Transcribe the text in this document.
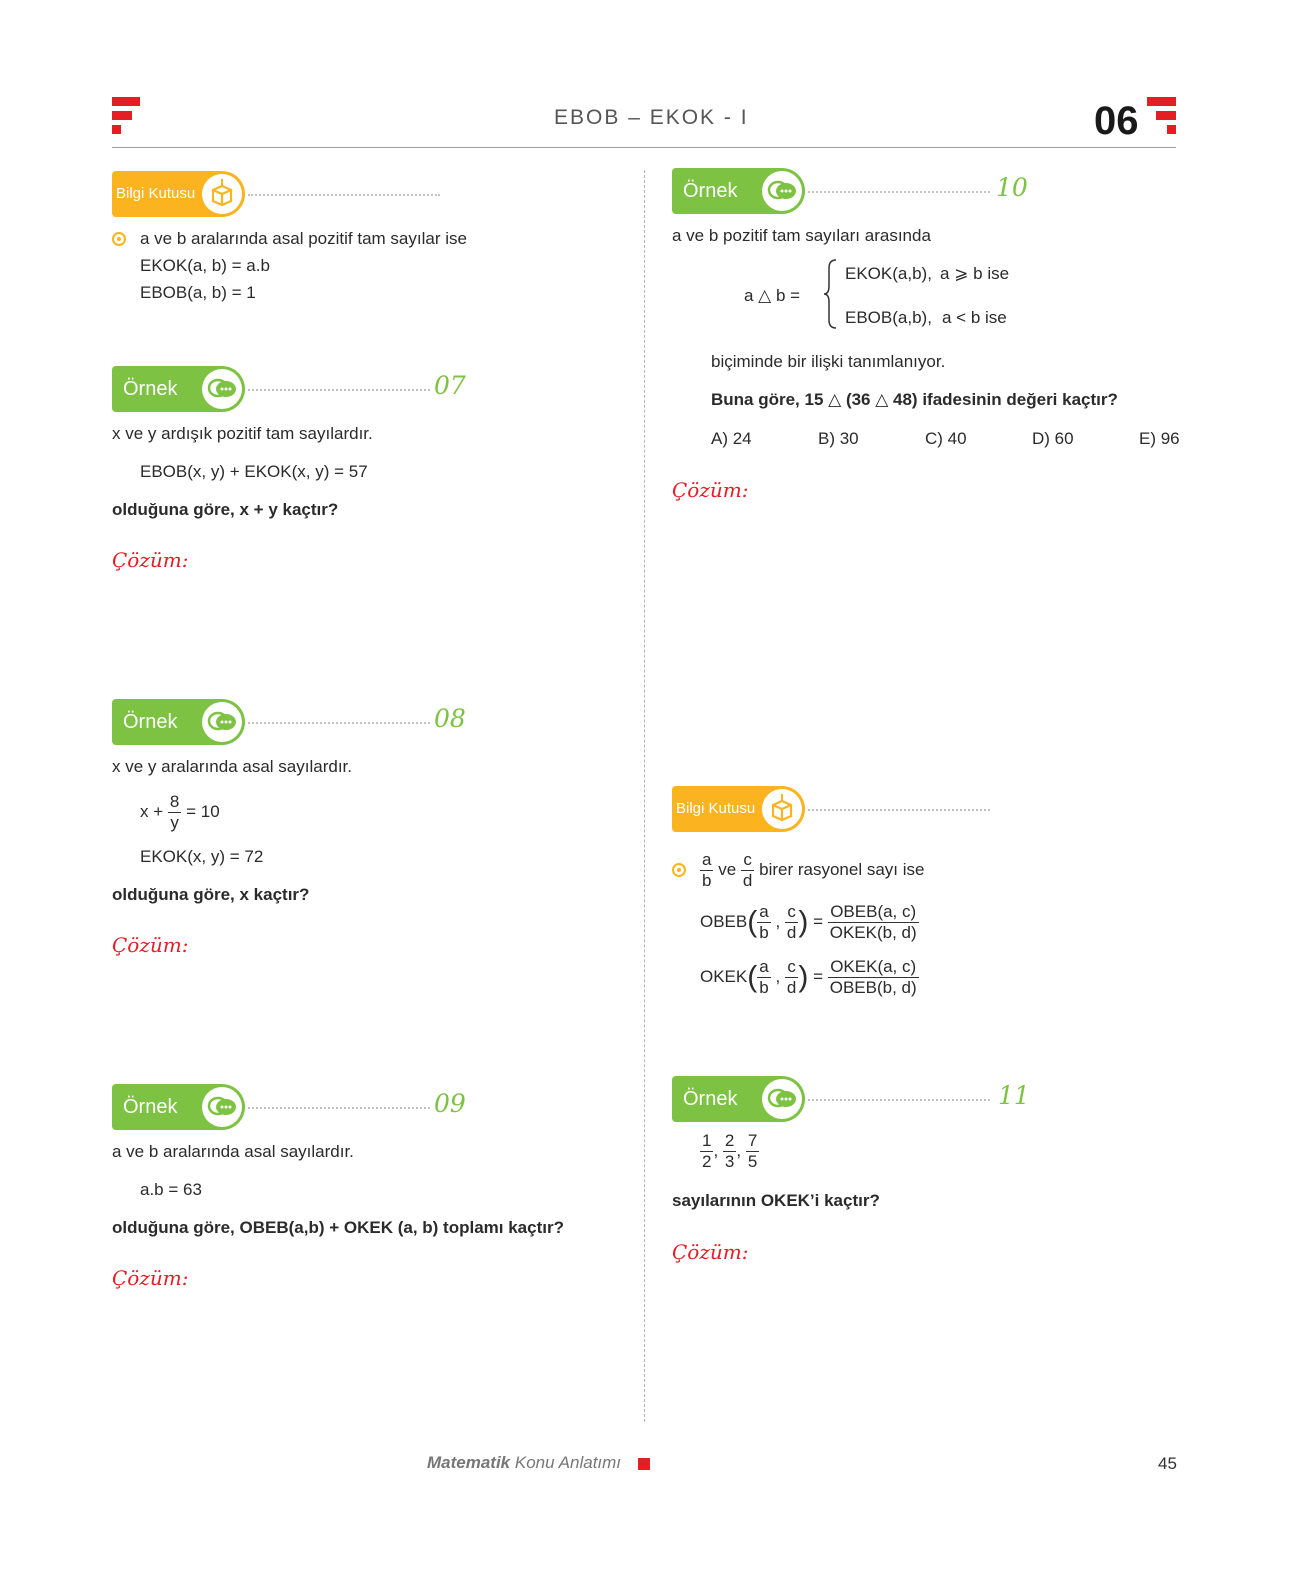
EBOB – EKOK - I	06
Bilgi Kutusu
a ve b aralarında asal pozitif tam sayılar ise
EKOK(a, b) = a.b
EBOB(a, b) = 1
Örnek	07
x ve y ardışık pozitif tam sayılardır.
EBOB(x, y) + EKOK(x, y) = 57
olduğuna göre, x + y kaçtır?
Çözüm:
Örnek	08
x ve y aralarında asal sayılardır.
$x + \frac{8}{y} = 10$
EKOK(x, y) = 72
olduğuna göre, x kaçtır?
Çözüm:
Örnek	09
a ve b aralarında asal sayılardır.
a.b = 63
olduğuna göre, OBEB(a,b) + OKEK (a, b) toplamı kaçtır?
Çözüm:
Örnek	10
a ve b pozitif tam sayıları arasında
a △ b =
EKOK(a,b), a ⩾ b ise
EBOB(a,b), a < b ise
biçiminde bir ilişki tanımlanıyor.
Buna göre, 15 △ (36 △ 48) ifadesinin değeri kaçtır?
A) 24	B) 30	C) 40	D) 60	E) 96
Çözüm:
Bilgi Kutusu
$\frac{a}{b}$ ve $\frac{c}{d}$ birer rasyonel sayı ise
OBEB( $\frac{a}{b}$ , $\frac{c}{d}$ ) = $\frac{\text{OBEB(a, c)}}{\text{OKEK(b, d)}}$
OKEK( $\frac{a}{b}$ , $\frac{c}{d}$ ) = $\frac{\text{OKEK(a, c)}}{\text{OBEB(b, d)}}$
Örnek	11
$\frac{1}{2}$ , $\frac{2}{3}$ , $\frac{7}{5}$
sayılarının OKEK’i kaçtır?
Çözüm:
Matematik Konu Anlatımı	45
